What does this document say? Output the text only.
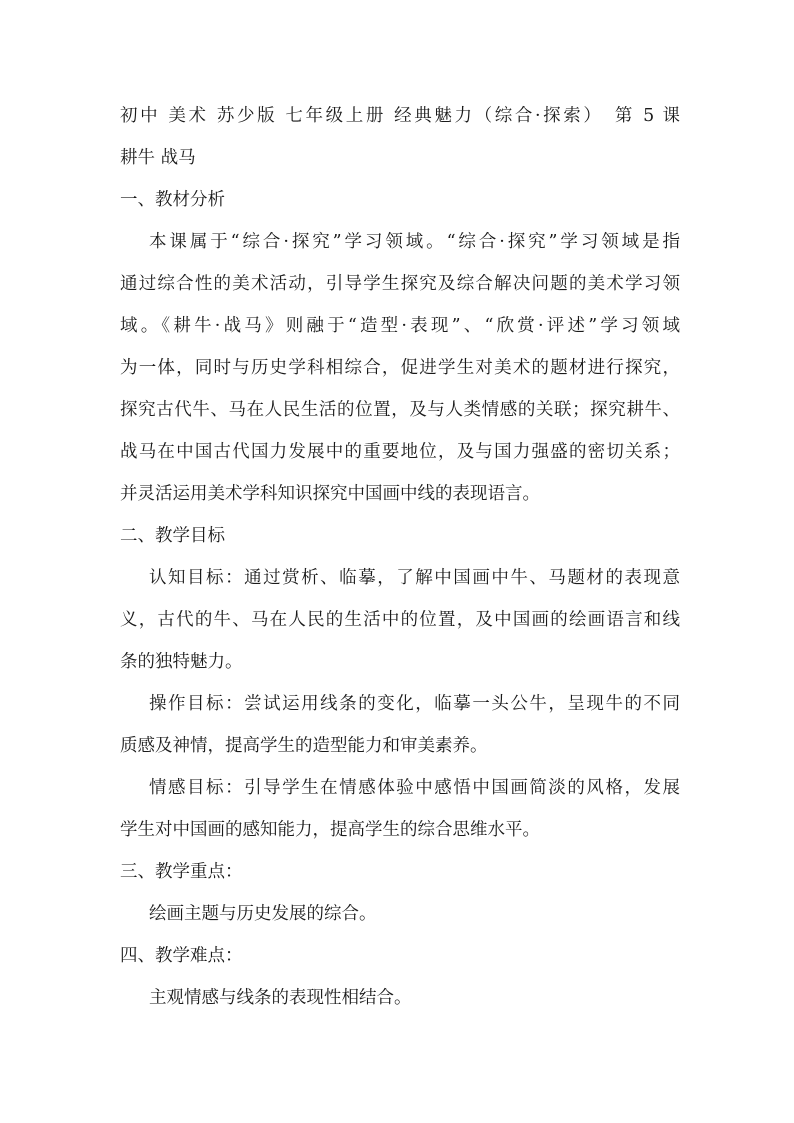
初中 美术 苏少版 七年级上册 经典魅力（综合·探索）　第 5 课
耕牛 战马
一、教材分析
本课属于“综合·探究”学习领域。“综合·探究”学习领域是指
通过综合性的美术活动，引导学生探究及综合解决问题的美术学习领
域。《耕牛·战马》则融于“造型·表现”、“欣赏·评述”学习领域
为一体，同时与历史学科相综合，促进学生对美术的题材进行探究，
探究古代牛、马在人民生活的位置，及与人类情感的关联；探究耕牛、
战马在中国古代国力发展中的重要地位，及与国力强盛的密切关系；
并灵活运用美术学科知识探究中国画中线的表现语言。
二、教学目标
认知目标：通过赏析、临摹，了解中国画中牛、马题材的表现意
义，古代的牛、马在人民的生活中的位置，及中国画的绘画语言和线
条的独特魅力。
操作目标：尝试运用线条的变化，临摹一头公牛，呈现牛的不同
质感及神情，提高学生的造型能力和审美素养。
情感目标：引导学生在情感体验中感悟中国画简淡的风格，发展
学生对中国画的感知能力，提高学生的综合思维水平。
三、教学重点：
绘画主题与历史发展的综合。
四、教学难点：
主观情感与线条的表现性相结合。
